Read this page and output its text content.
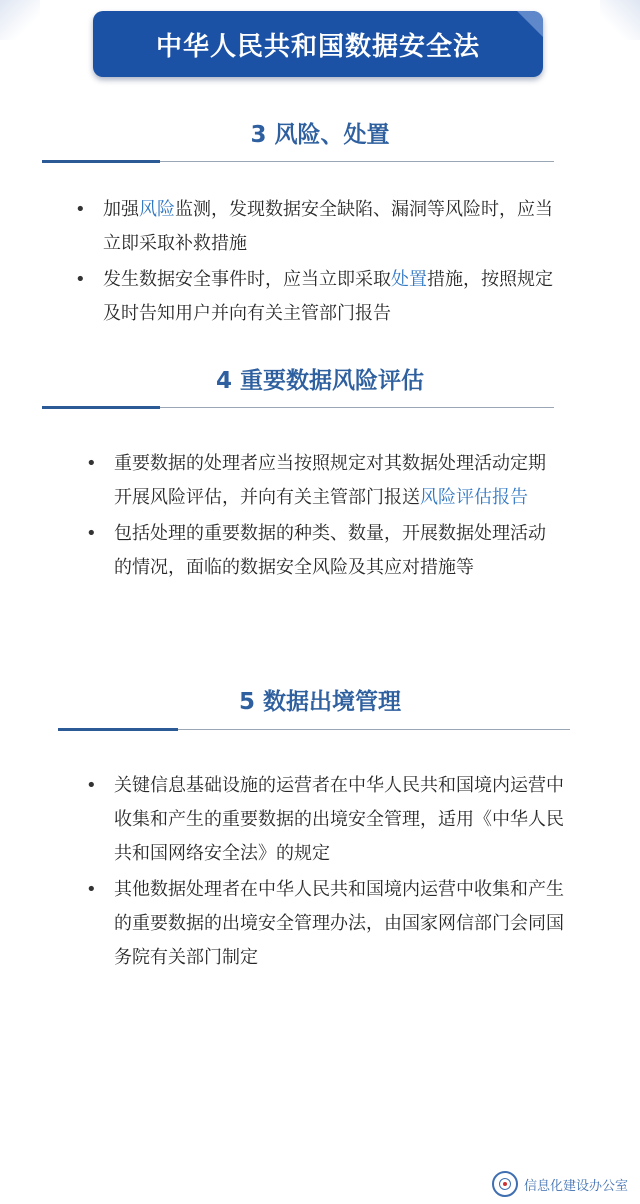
中华人民共和国数据安全法
3 风险、处置
• 加强风险监测，发现数据安全缺陷、漏洞等风险时，应当立即采取补救措施
• 发生数据安全事件时，应当立即采取处置措施，按照规定及时告知用户并向有关主管部门报告
4 重要数据风险评估
• 重要数据的处理者应当按照规定对其数据处理活动定期开展风险评估，并向有关主管部门报送风险评估报告
• 包括处理的重要数据的种类、数量，开展数据处理活动的情况，面临的数据安全风险及其应对措施等
5 数据出境管理
• 关键信息基础设施的运营者在中华人民共和国境内运营中收集和产生的重要数据的出境安全管理，适用《中华人民共和国网络安全法》的规定
• 其他数据处理者在中华人民共和国境内运营中收集和产生的重要数据的出境安全管理办法，由国家网信部门会同国务院有关部门制定
信息化建设办公室
